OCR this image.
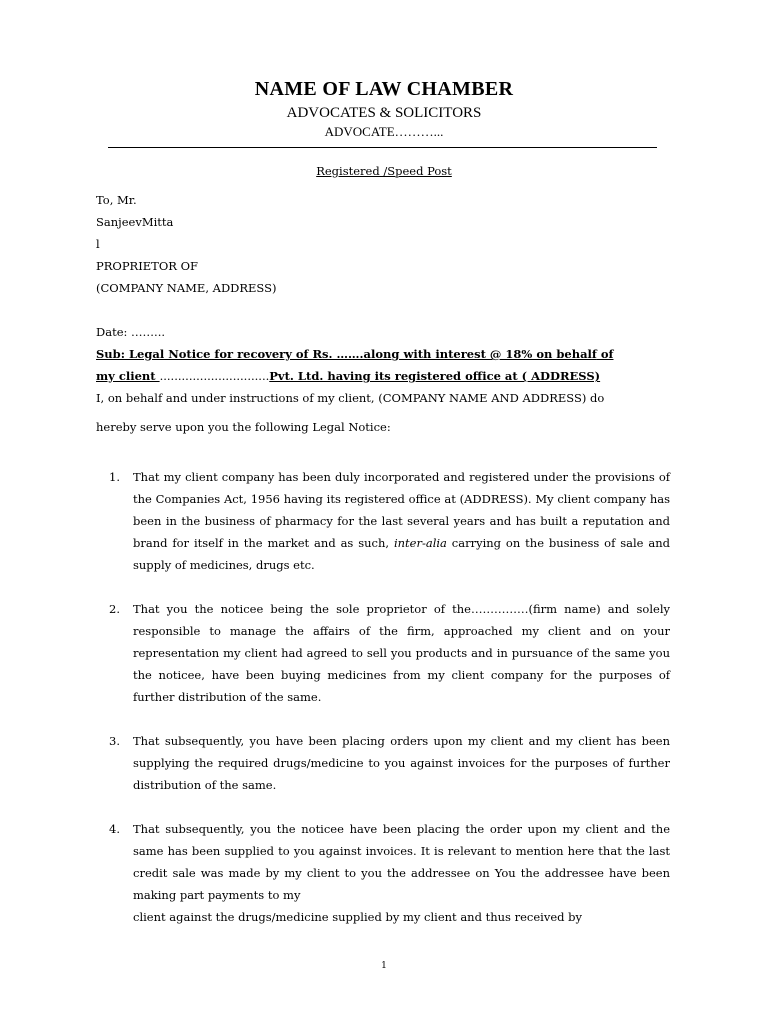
NAME OF LAW CHAMBER
ADVOCATES & SOLICITORS
ADVOCATE………...
Registered /Speed Post
To, Mr.
SanjeevMitta
l
PROPRIETOR OF
(COMPANY NAME, ADDRESS)
Date: ……...
Sub: Legal Notice for recovery of Rs. …….along with interest @ 18% on behalf of
my client ..............................Pvt. Ltd. having its registered office at ( ADDRESS)
I, on behalf and under instructions of my client, (COMPANY NAME AND ADDRESS) do
hereby serve upon you the following Legal Notice:
1. That my client company has been duly incorporated and registered under the provisions of the Companies Act, 1956 having its registered office at (ADDRESS). My client company has been in the business of pharmacy for the last several years and has built a reputation and brand for itself in the market and as such, inter-alia carrying on the business of sale and supply of medicines, drugs etc.
2. That you the noticee being the sole proprietor of the……………(firm name) and solely responsible to manage the affairs of the firm, approached my client and on your representation my client had agreed to sell you products and in pursuance of the same you the noticee, have been buying medicines from my client company for the purposes of further distribution of the same.
3. That subsequently, you have been placing orders upon my client and my client has been supplying the required drugs/medicine to you against invoices for the purposes of further distribution of the same.
4. That subsequently, you the noticee have been placing the order upon my client and the same has been supplied to you against invoices. It is relevant to mention here that the last credit sale was made by my client to you the addressee on You the addressee have been making part payments to my
client against the drugs/medicine supplied by my client and thus received by
1
